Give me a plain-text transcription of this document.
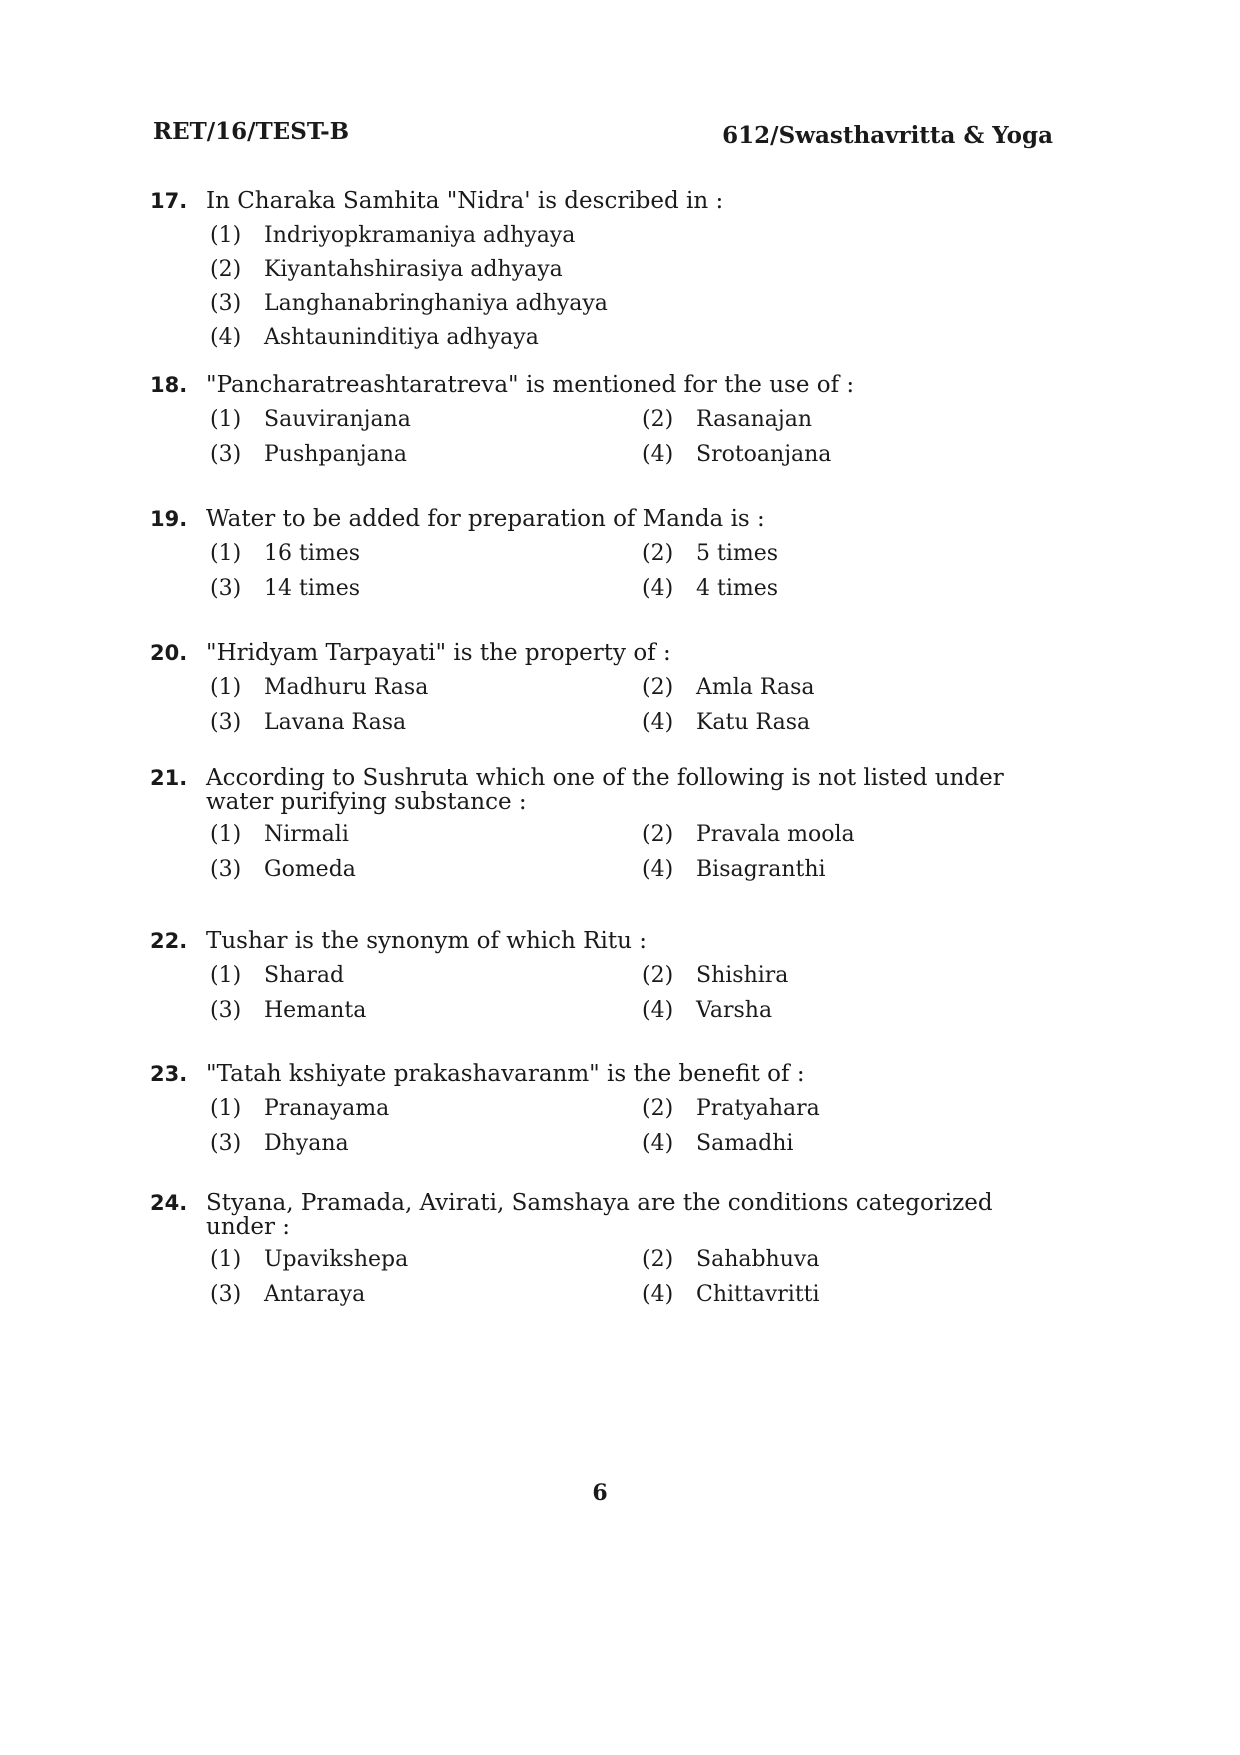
RET/16/TEST-B	612/Swasthavritta & Yoga
17. In Charaka Samhita "Nidra' is described in :
(1)	Indriyopkramaniya adhyaya
(2)	Kiyantahshirasiya adhyaya
(3)	Langhanabringhaniya adhyaya
(4)	Ashtauninditiya adhyaya
18. "Pancharatreashtaratreva" is mentioned for the use of :
(1)	Sauviranjana	(2)	Rasanajan
(3)	Pushpanjana	(4)	Srotoanjana
19. Water to be added for preparation of Manda is :
(1)	16 times	(2)	5 times
(3)	14 times	(4)	4 times
20. "Hridyam Tarpayati" is the property of :
(1)	Madhuru Rasa	(2)	Amla Rasa
(3)	Lavana Rasa	(4)	Katu Rasa
21. According to Sushruta which one of the following is not listed under water purifying substance :
(1)	Nirmali	(2)	Pravala moola
(3)	Gomeda	(4)	Bisagranthi
22. Tushar is the synonym of which Ritu :
(1)	Sharad	(2)	Shishira
(3)	Hemanta	(4)	Varsha
23. "Tatah kshiyate prakashavaranm" is the benefit of :
(1)	Pranayama	(2)	Pratyahara
(3)	Dhyana	(4)	Samadhi
24. Styana, Pramada, Avirati, Samshaya are the conditions categorized under :
(1)	Upavikshepa	(2)	Sahabhuva
(3)	Antaraya	(4)	Chittavritti
6
